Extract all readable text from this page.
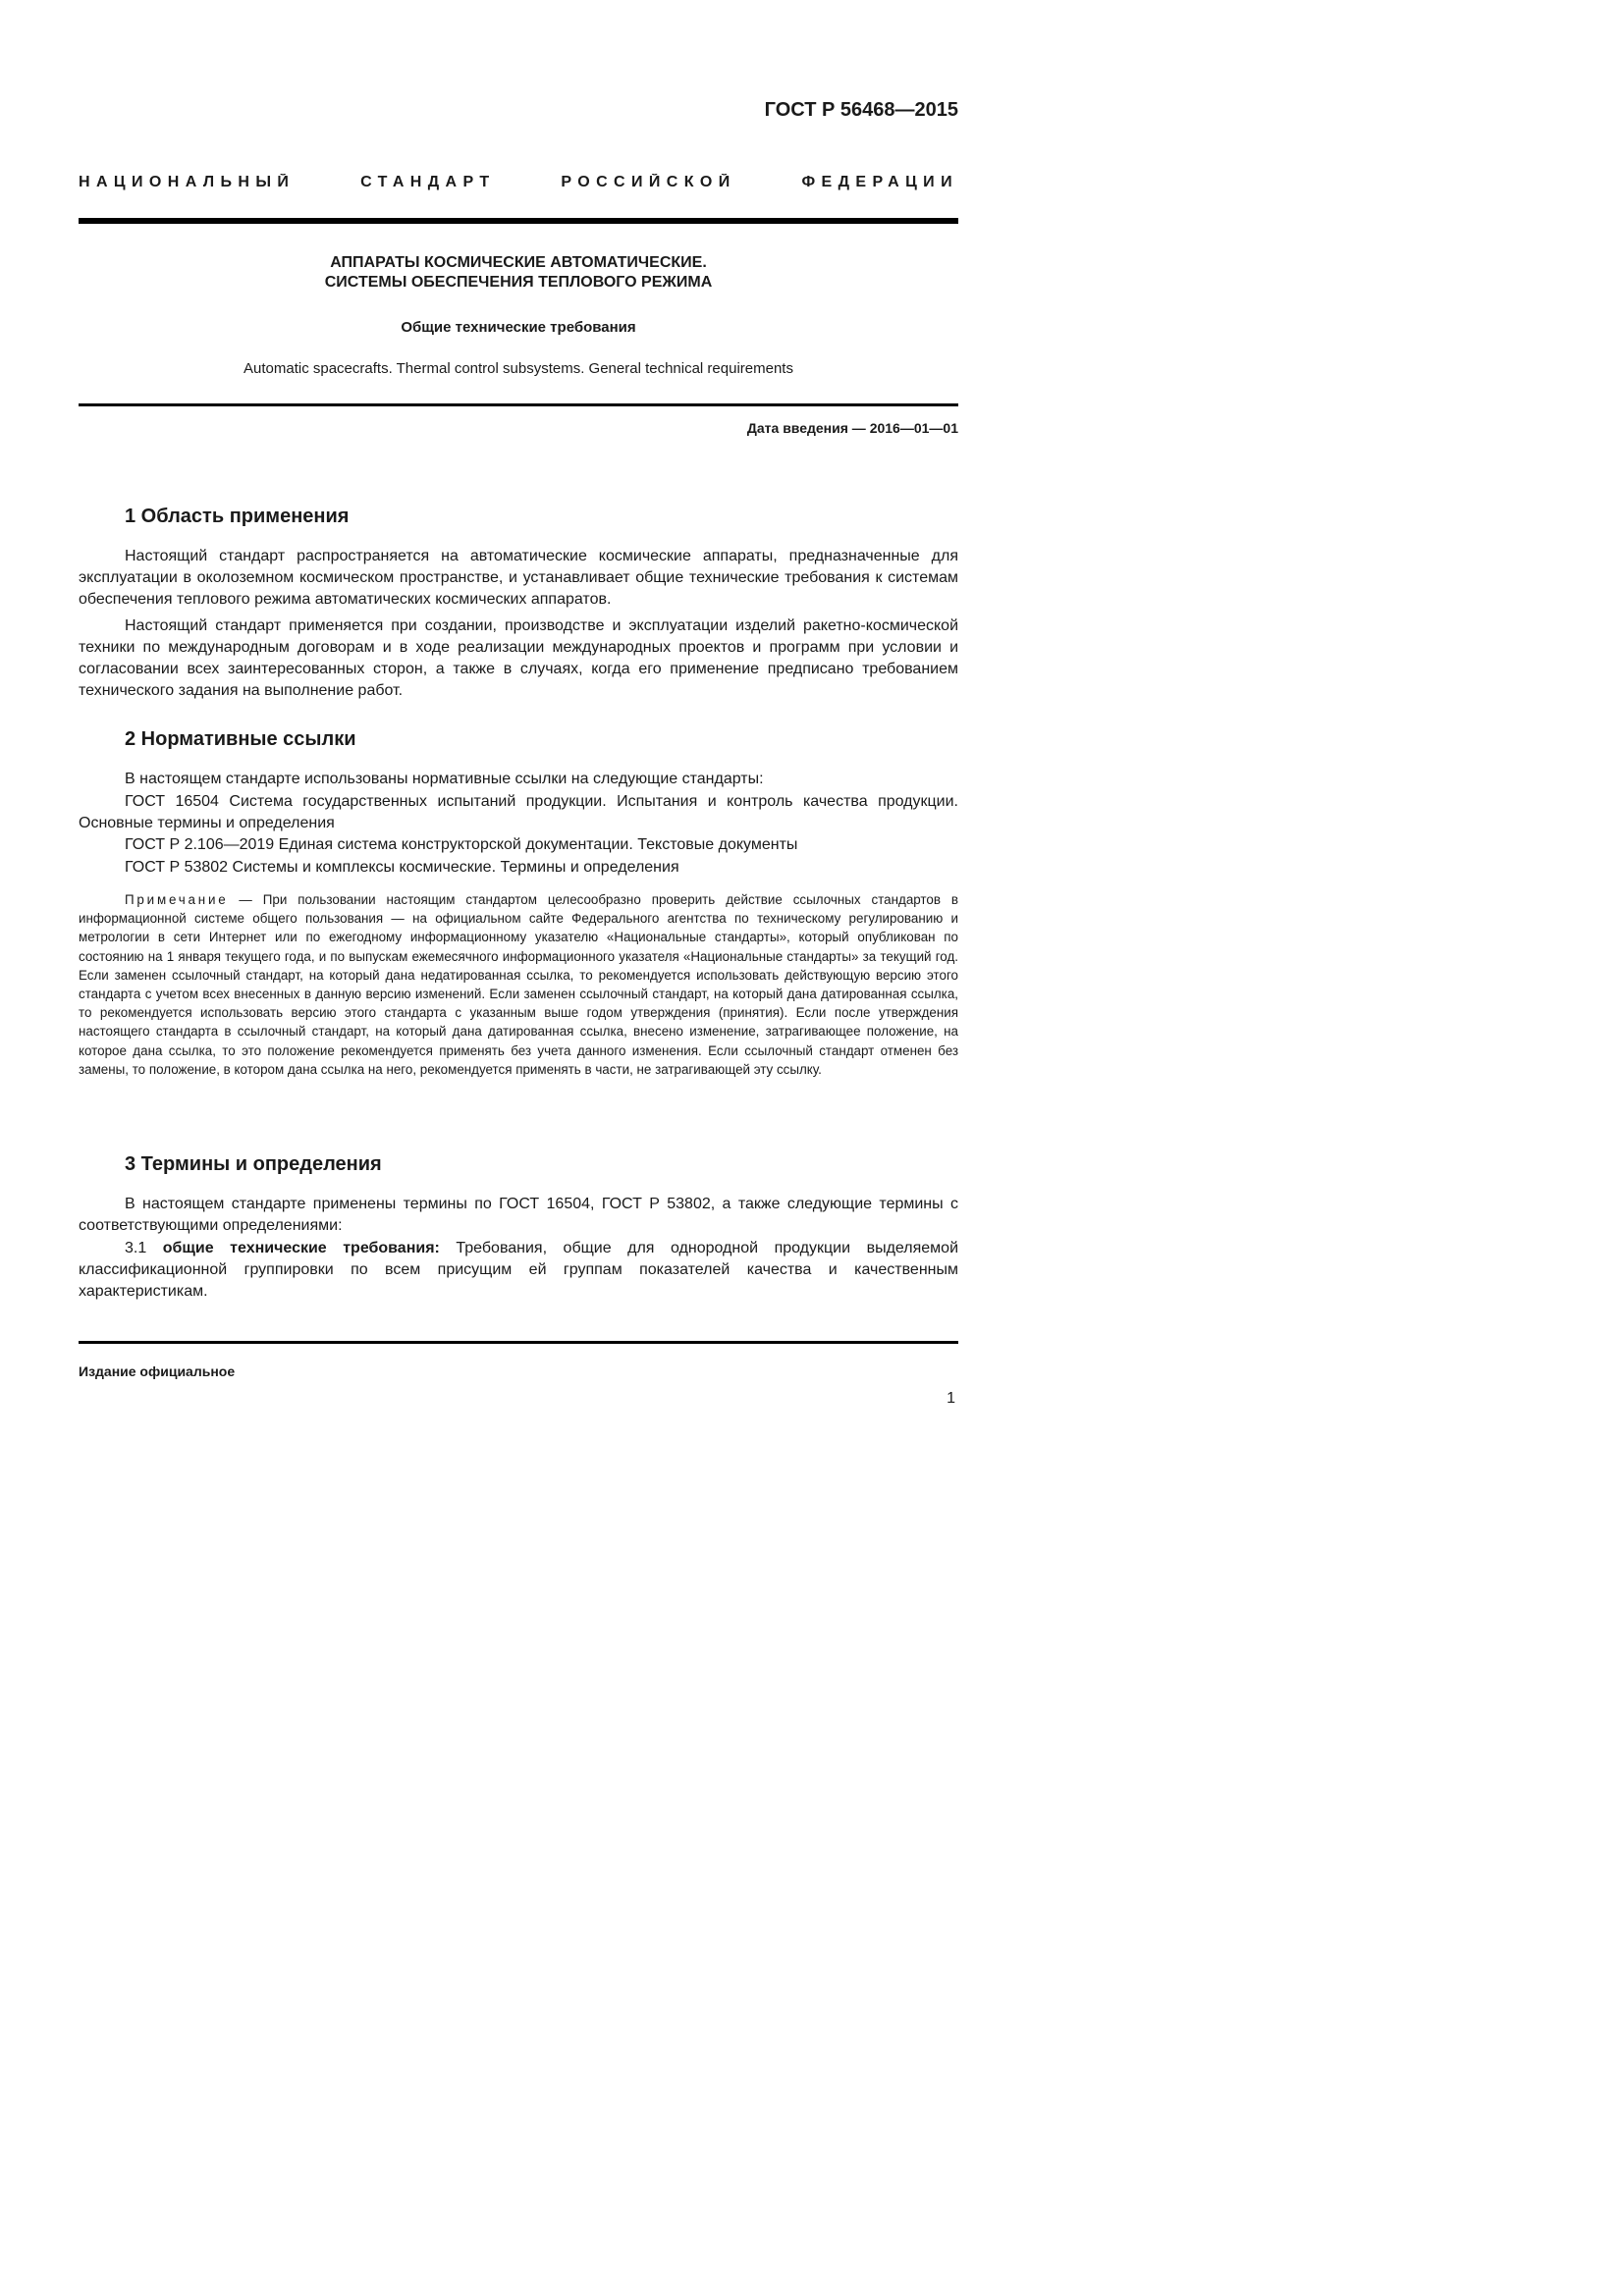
ГОСТ Р 56468—2015
НАЦИОНАЛЬНЫЙ СТАНДАРТ РОССИЙСКОЙ ФЕДЕРАЦИИ
АППАРАТЫ КОСМИЧЕСКИЕ АВТОМАТИЧЕСКИЕ.
СИСТЕМЫ ОБЕСПЕЧЕНИЯ ТЕПЛОВОГО РЕЖИМА
Общие технические требования
Automatic spacecrafts. Thermal control subsystems. General technical requirements
Дата введения — 2016—01—01
1 Область применения

Настоящий стандарт распространяется на автоматические космические аппараты, предназначенные для эксплуатации в околоземном космическом пространстве, и устанавливает общие технические требования к системам обеспечения теплового режима автоматических космических аппаратов.

Настоящий стандарт применяется при создании, производстве и эксплуатации изделий ракетно-космической техники по международным договорам и в ходе реализации международных проектов и программ при условии и согласовании всех заинтересованных сторон, а также в случаях, когда его применение предписано требованием технического задания на выполнение работ.

2 Нормативные ссылки

В настоящем стандарте использованы нормативные ссылки на следующие стандарты:

ГОСТ 16504 Система государственных испытаний продукции. Испытания и контроль качества продукции. Основные термины и определения

ГОСТ Р 2.106—2019 Единая система конструкторской документации. Текстовые документы

ГОСТ Р 53802 Системы и комплексы космические. Термины и определения

Примечание — При пользовании настоящим стандартом целесообразно проверить действие ссылочных стандартов в информационной системе общего пользования — на официальном сайте Федерального агентства по техническому регулированию и метрологии в сети Интернет или по ежегодному информационному указателю «Национальные стандарты», который опубликован по состоянию на 1 января текущего года, и по выпускам ежемесячного информационного указателя «Национальные стандарты» за текущий год. Если заменен ссылочный стандарт, на который дана недатированная ссылка, то рекомендуется использовать действующую версию этого стандарта с учетом всех внесенных в данную версию изменений. Если заменен ссылочный стандарт, на который дана датированная ссылка, то рекомендуется использовать версию этого стандарта с указанным выше годом утверждения (принятия). Если после утверждения настоящего стандарта в ссылочный стандарт, на который дана датированная ссылка, внесено изменение, затрагивающее положение, на которое дана ссылка, то это положение рекомендуется применять без учета данного изменения. Если ссылочный стандарт отменен без замены, то положение, в котором дана ссылка на него, рекомендуется применять в части, не затрагивающей эту ссылку.

3 Термины и определения

В настоящем стандарте применены термины по ГОСТ 16504, ГОСТ Р 53802, а также следующие термины с соответствующими определениями:

3.1 общие технические требования: Требования, общие для однородной продукции выделяемой классификационной группировки по всем присущим ей группам показателей качества и качественным характеристикам.

Издание официальное
1
